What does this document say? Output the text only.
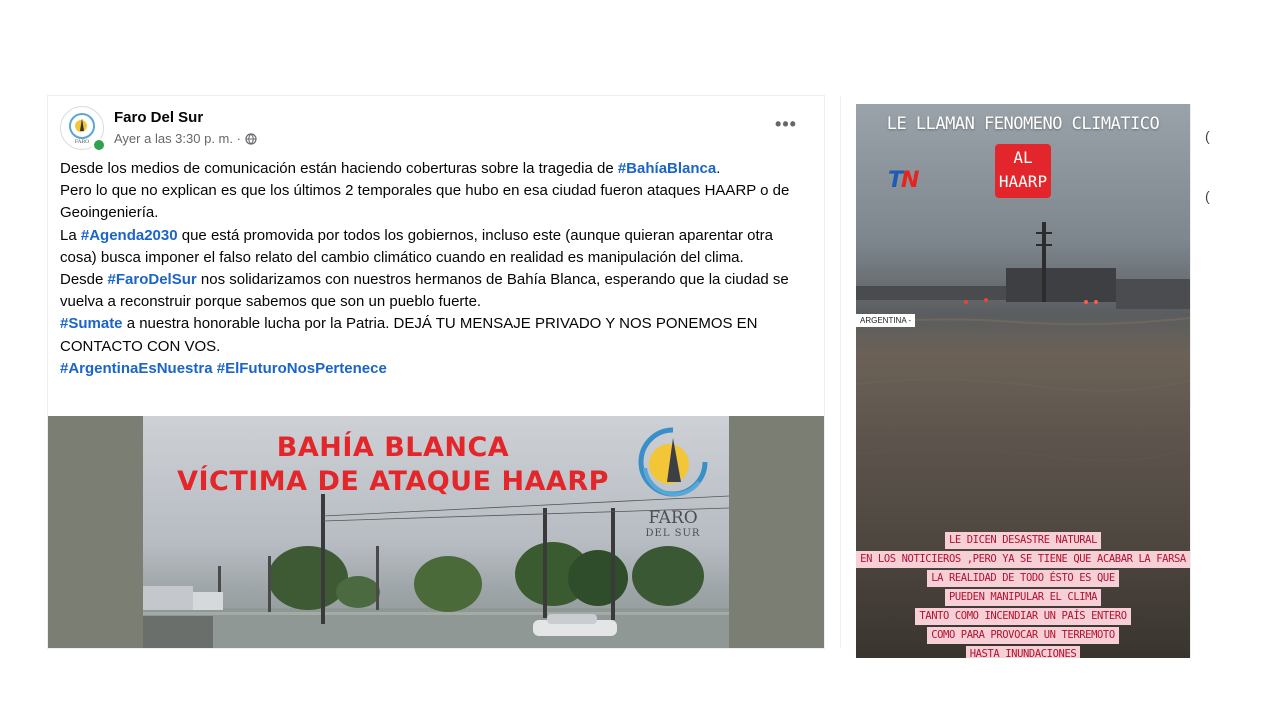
FARO
Faro Del Sur
Ayer a las 3:30 p. m. ·
•••

Desde los medios de comunicación están haciendo coberturas sobre la tragedia de #BahíaBlanca.

Pero lo que no explican es que los últimos 2 temporales que hubo en esa ciudad fueron ataques HAARP o de Geoingeniería.

La #Agenda2030 que está promovida por todos los gobiernos, incluso este (aunque quieran aparentar otra cosa) busca imponer el falso relato del cambio climático cuando en realidad es manipulación del clima.

Desde #FaroDelSur nos solidarizamos con nuestros hermanos de Bahía Blanca, esperando que la ciudad se vuelva a reconstruir porque sabemos que son un pueblo fuerte.

#Sumate a nuestra honorable lucha por la Patria. DEJÁ TU MENSAJE PRIVADO Y NOS PONEMOS EN CONTACTO CON VOS.

#ArgentinaEsNuestra #ElFuturoNosPertenece

BAHÍA BLANCA
VÍCTIMA DE ATAQUE HAARP
FARO
DEL SUR
LE LLAMAN FENOMENO CLIMATICO
AL
HAARP
TN
ARGENTINA -
LE DICEN DESASTRE NATURAL
EN LOS NOTICIEROS ,PERO YA SE TIENE QUE ACABAR LA FARSA
LA REALIDAD DE TODO ÉSTO ES QUE
PUEDEN MANIPULAR EL CLIMA
TANTO COMO INCENDIAR UN PAÍS ENTERO
COMO PARA PROVOCAR UN TERREMOTO
HASTA INUNDACIONES
(
(
